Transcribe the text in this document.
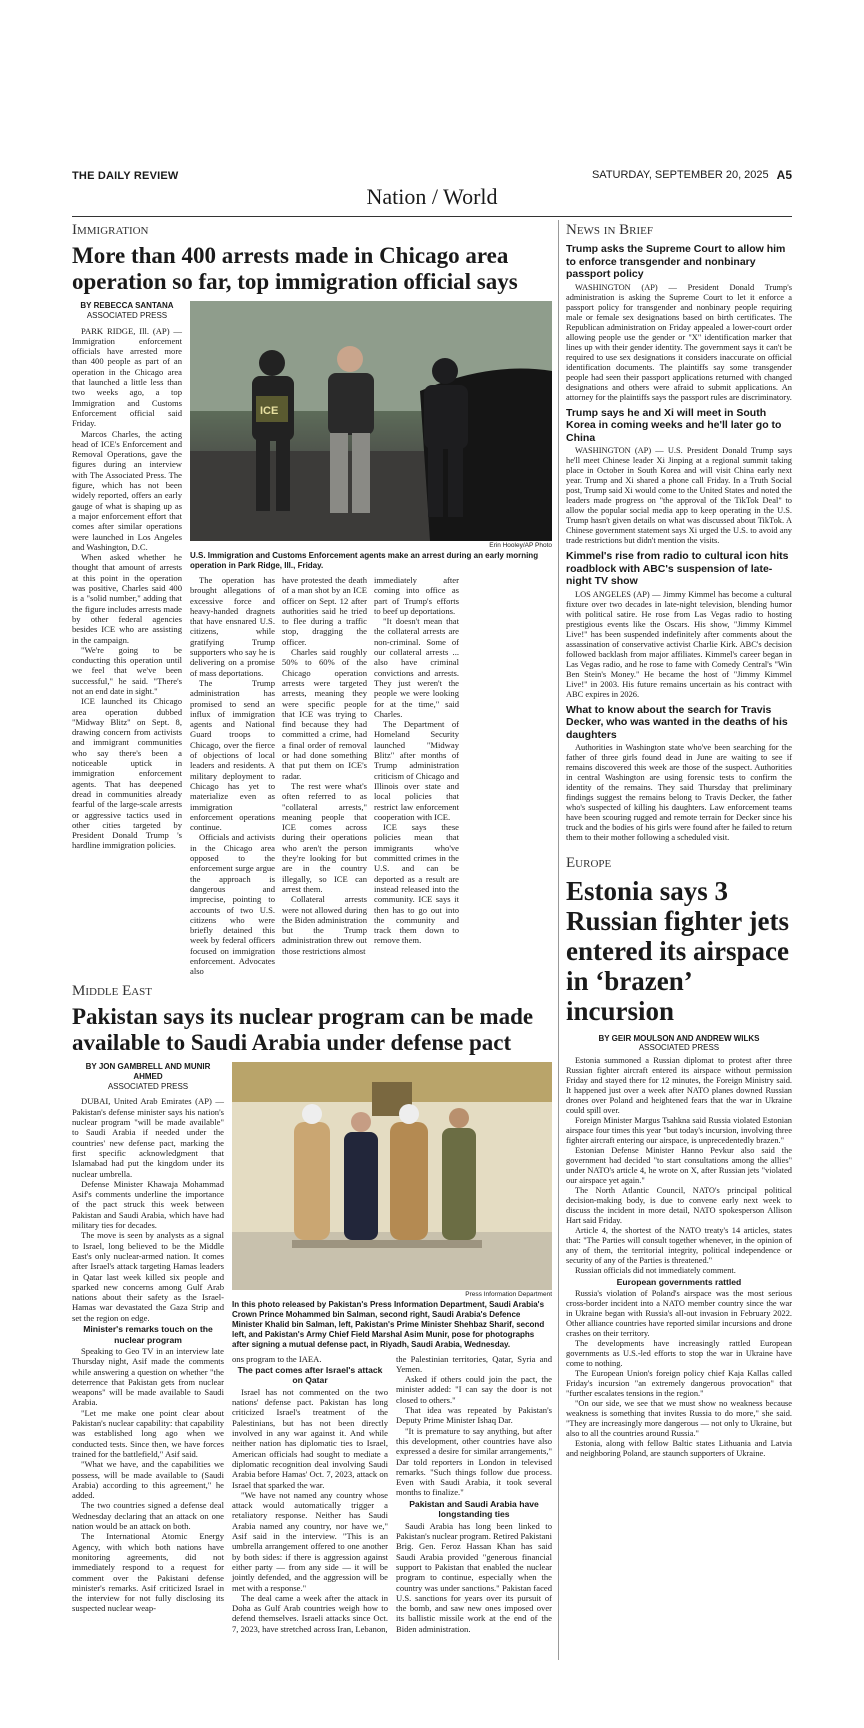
THE DAILY REVIEW	SATURDAY, SEPTEMBER 20, 2025 A5
Nation / World
Immigration
More than 400 arrests made in Chicago area operation so far, top immigration official says
BY REBECCA SANTANA
ASSOCIATED PRESS

PARK RIDGE, Ill. (AP) — Immigration enforcement officials have arrested more than 400 people as part of an operation in the Chicago area that launched a little less than two weeks ago, a top Immigration and Customs Enforcement official said Friday.

Marcos Charles, the acting head of ICE's Enforcement and Removal Operations, gave the figures during an interview with The Associated Press. The figure, which has not been widely reported, offers an early gauge of what is shaping up as a major enforcement effort that comes after similar operations were launched in Los Angeles and Washington, D.C.

When asked whether he thought that amount of arrests at this point in the operation was positive, Charles said 400 is a "solid number," adding that the figure includes arrests made by other federal agencies besides ICE who are assisting in the campaign.

"We're going to be conducting this operation until we feel that we've been successful," he said. "There's not an end date in sight."

ICE launched its Chicago area operation dubbed "Midway Blitz" on Sept. 8, drawing concern from activists and immigrant communities who say there's been a noticeable uptick in immigration enforcement agents. That has deepened dread in communities already fearful of the large-scale arrests or aggressive tactics used in other cities targeted by President Donald Trump 's hardline immigration policies.

ICE
Erin Hooley/AP Photo
U.S. Immigration and Customs Enforcement agents make an arrest during an early morning operation in Park Ridge, Ill., Friday.

The operation has brought allegations of excessive force and heavy-handed dragnets that have ensnared U.S. citizens, while gratifying Trump supporters who say he is delivering on a promise of mass deportations.

The Trump administration has promised to send an influx of immigration agents and National Guard troops to Chicago, over the fierce of objections of local leaders and residents. A military deployment to Chicago has yet to materialize even as immigration enforcement operations continue.

Officials and activists in the Chicago area opposed to the enforcement surge argue the approach is dangerous and imprecise, pointing to accounts of two U.S. citizens who were briefly detained this week by federal officers focused on immigration enforcement. Advocates also

have protested the death of a man shot by an ICE officer on Sept. 12 after authorities said he tried to flee during a traffic stop, dragging the officer.

Charles said roughly 50% to 60% of the Chicago operation arrests were targeted arrests, meaning they were specific people that ICE was trying to find because they had committed a crime, had a final order of removal or had done something that put them on ICE's radar.

The rest were what's often referred to as "collateral arrests," meaning people that ICE comes across during their operations who aren't the person they're looking for but are in the country illegally, so ICE can arrest them.

Collateral arrests were not allowed during the Biden administration but the Trump administration threw out those restrictions almost

immediately after coming into office as part of Trump's efforts to beef up deportations.

"It doesn't mean that the collateral arrests are non-criminal. Some of our collateral arrests ... also have criminal convictions and arrests. They just weren't the people we were looking for at the time," said Charles.

The Department of Homeland Security launched "Midway Blitz" after months of Trump administration criticism of Chicago and Illinois over state and local policies that restrict law enforcement cooperation with ICE.

ICE says these policies mean that immigrants who've committed crimes in the U.S. and can be deported as a result are instead released into the community. ICE says it then has to go out into the community and track them down to remove them.

Middle East
Pakistan says its nuclear program can be made available to Saudi Arabia under defense pact
BY JON GAMBRELL AND MUNIR AHMED
ASSOCIATED PRESS

DUBAI, United Arab Emirates (AP) — Pakistan's defense minister says his nation's nuclear program "will be made available" to Saudi Arabia if needed under the countries' new defense pact, marking the first specific acknowledgment that Islamabad had put the kingdom under its nuclear umbrella.

Defense Minister Khawaja Mohammad Asif's comments underline the importance of the pact struck this week between Pakistan and Saudi Arabia, which have had military ties for decades.

The move is seen by analysts as a signal to Israel, long believed to be the Middle East's only nuclear-armed nation. It comes after Israel's attack targeting Hamas leaders in Qatar last week killed six people and sparked new concerns among Gulf Arab nations about their safety as the Israel-Hamas war devastated the Gaza Strip and set the region on edge.

Minister's remarks touch on the nuclear program

Speaking to Geo TV in an interview late Thursday night, Asif made the comments while answering a question on whether "the deterrence that Pakistan gets from nuclear weapons" will be made available to Saudi Arabia.

"Let me make one point clear about Pakistan's nuclear capability: that capability was established long ago when we conducted tests. Since then, we have forces trained for the battlefield," Asif said.

"What we have, and the capabilities we possess, will be made available to (Saudi Arabia) according to this agreement," he added.

The two countries signed a defense deal Wednesday declaring that an attack on one nation would be an attack on both.

The International Atomic Energy Agency, with which both nations have monitoring agreements, did not immediately respond to a request for comment over the Pakistani defense minister's remarks. Asif criticized Israel in the interview for not fully disclosing its suspected nuclear weap-

Press Information Department
In this photo released by Pakistan's Press Information Department, Saudi Arabia's Crown Prince Mohammed bin Salman, second right, Saudi Arabia's Defence Minister Khalid bin Salman, left, Pakistan's Prime Minister Shehbaz Sharif, second left, and Pakistan's Army Chief Field Marshal Asim Munir, pose for photographs after signing a mutual defense pact, in Riyadh, Saudi Arabia, Wednesday.

ons program to the IAEA.

The pact comes after Israel's attack on Qatar

Israel has not commented on the two nations' defense pact. Pakistan has long criticized Israel's treatment of the Palestinians, but has not been directly involved in any war against it. And while neither nation has diplomatic ties to Israel, American officials had sought to mediate a diplomatic recognition deal involving Saudi Arabia before Hamas' Oct. 7, 2023, attack on Israel that sparked the war.

"We have not named any country whose attack would automatically trigger a retaliatory response. Neither has Saudi Arabia named any country, nor have we," Asif said in the interview. "This is an umbrella arrangement offered to one another by both sides: if there is aggression against either party — from any side — it will be jointly defended, and the aggression will be met with a response."

The deal came a week after the attack in Doha as Gulf Arab countries weigh how to defend themselves. Israeli attacks since Oct. 7, 2023, have stretched across Iran, Lebanon,

the Palestinian territories, Qatar, Syria and Yemen.

Asked if others could join the pact, the minister added: "I can say the door is not closed to others."

That idea was repeated by Pakistan's Deputy Prime Minister Ishaq Dar.

"It is premature to say anything, but after this development, other countries have also expressed a desire for similar arrangements," Dar told reporters in London in televised remarks. "Such things follow due process. Even with Saudi Arabia, it took several months to finalize."

Pakistan and Saudi Arabia have longstanding ties

Saudi Arabia has long been linked to Pakistan's nuclear program. Retired Pakistani Brig. Gen. Feroz Hassan Khan has said Saudi Arabia provided "generous financial support to Pakistan that enabled the nuclear program to continue, especially when the country was under sanctions." Pakistan faced U.S. sanctions for years over its pursuit of the bomb, and saw new ones imposed over its ballistic missile work at the end of the Biden administration.

News in Brief
Trump asks the Supreme Court to allow him to enforce transgender and nonbinary passport policy

WASHINGTON (AP) — President Donald Trump's administration is asking the Supreme Court to let it enforce a passport policy for transgender and nonbinary people requiring male or female sex designations based on birth certificates. The Republican administration on Friday appealed a lower-court order allowing people use the gender or "X" identification marker that lines up with their gender identity. The government says it can't be required to use sex designations it considers inaccurate on official identification documents. The plaintiffs say some transgender people had seen their passport applications returned with changed designations and others were afraid to submit applications. An attorney for the plaintiffs says the passport rules are discriminatory.

Trump says he and Xi will meet in South Korea in coming weeks and he'll later go to China

WASHINGTON (AP) — U.S. President Donald Trump says he'll meet Chinese leader Xi Jinping at a regional summit taking place in October in South Korea and will visit China early next year. Trump and Xi shared a phone call Friday. In a Truth Social post, Trump said Xi would come to the United States and noted the leaders made progress on "the approval of the TikTok Deal" to allow the popular social media app to keep operating in the U.S. Trump hasn't given details on what was discussed about TikTok. A Chinese government statement says Xi urged the U.S. to avoid any trade restrictions but didn't mention the visits.

Kimmel's rise from radio to cultural icon hits roadblock with ABC's suspension of late-night TV show

LOS ANGELES (AP) — Jimmy Kimmel has become a cultural fixture over two decades in late-night television, blending humor with political satire. He rose from Las Vegas radio to hosting prestigious events like the Oscars. His show, "Jimmy Kimmel Live!" has been suspended indefinitely after comments about the assassination of conservative activist Charlie Kirk. ABC's decision followed backlash from major affiliates. Kimmel's career began in Las Vegas radio, and he rose to fame with Comedy Central's "Win Ben Stein's Money." He became the host of "Jimmy Kimmel Live!" in 2003. His future remains uncertain as his contract with ABC expires in 2026.

What to know about the search for Travis Decker, who was wanted in the deaths of his daughters

Authorities in Washington state who've been searching for the father of three girls found dead in June are waiting to see if remains discovered this week are those of the suspect. Authorities in central Washington are using forensic tests to confirm the identity of the remains. They said Thursday that preliminary findings suggest the remains belong to Travis Decker, the father who's suspected of killing his daughters. Law enforcement teams have been scouring rugged and remote terrain for Decker since his truck and the bodies of his girls were found after he failed to return them to their mother following a scheduled visit.

Europe
Estonia says 3 Russian fighter jets entered its airspace in ‘brazen’ incursion
BY GEIR MOULSON AND ANDREW WILKS
ASSOCIATED PRESS

Estonia summoned a Russian diplomat to protest after three Russian fighter aircraft entered its airspace without permission Friday and stayed there for 12 minutes, the Foreign Ministry said. It happened just over a week after NATO planes downed Russian drones over Poland and heightened fears that the war in Ukraine could spill over.

Foreign Minister Margus Tsahkna said Russia violated Estonian airspace four times this year "but today's incursion, involving three fighter aircraft entering our airspace, is unprecedentedly brazen."

Estonian Defense Minister Hanno Pevkur also said the government had decided "to start consultations among the allies" under NATO's article 4, he wrote on X, after Russian jets "violated our airspace yet again."

The North Atlantic Council, NATO's principal political decision-making body, is due to convene early next week to discuss the incident in more detail, NATO spokesperson Allison Hart said Friday.

Article 4, the shortest of the NATO treaty's 14 articles, states that: "The Parties will consult together whenever, in the opinion of any of them, the territorial integrity, political independence or security of any of the Parties is threatened."

Russian officials did not immediately comment.

European governments rattled

Russia's violation of Poland's airspace was the most serious cross-border incident into a NATO member country since the war in Ukraine began with Russia's all-out invasion in February 2022. Other alliance countries have reported similar incursions and drone crashes on their territory.

The developments have increasingly rattled European governments as U.S.-led efforts to stop the war in Ukraine have come to nothing.

The European Union's foreign policy chief Kaja Kallas called Friday's incursion "an extremely dangerous provocation" that "further escalates tensions in the region."

"On our side, we see that we must show no weakness because weakness is something that invites Russia to do more," she said. "They are increasingly more dangerous — not only to Ukraine, but also to all the countries around Russia."

Estonia, along with fellow Baltic states Lithuania and Latvia and neighboring Poland, are staunch supporters of Ukraine.
